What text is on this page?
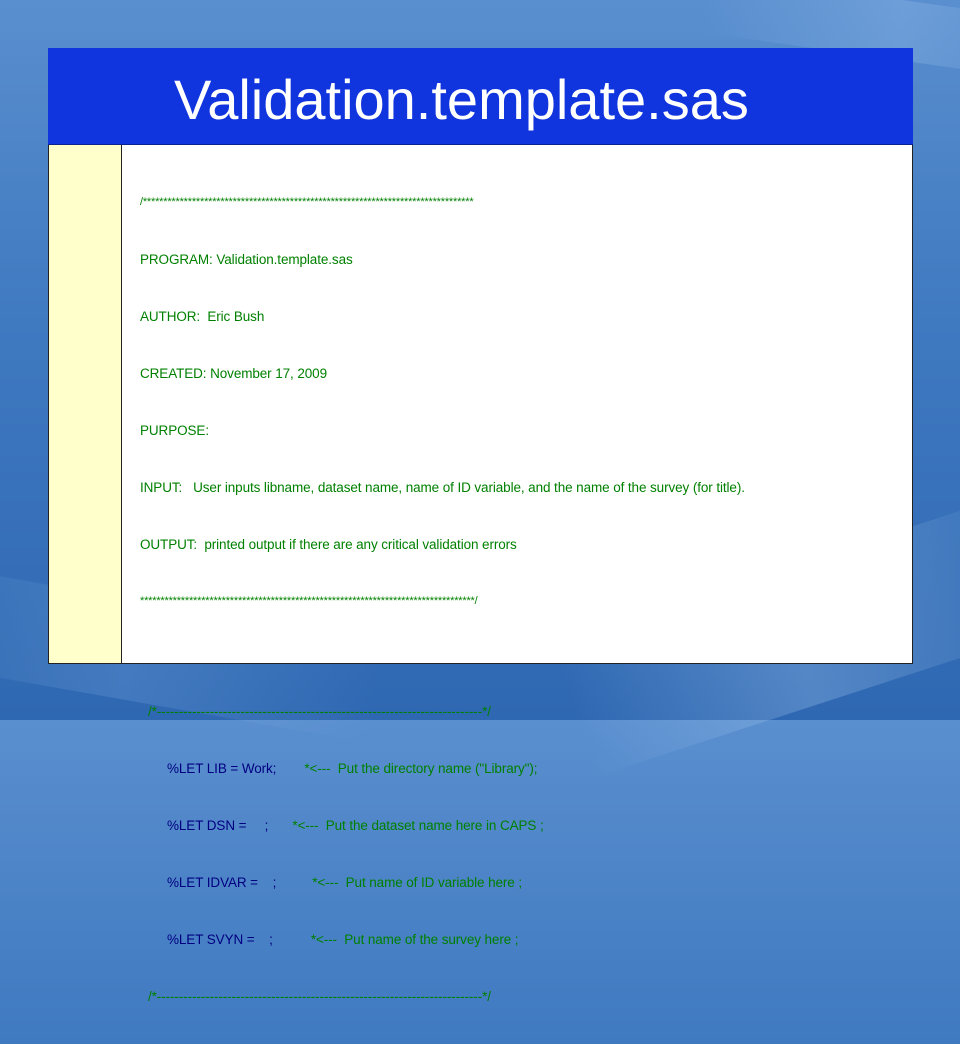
Validation.template.sas

/*********************************************************************************

PROGRAM: Validation.template.sas

AUTHOR:  Eric Bush

CREATED: November 17, 2009

PURPOSE:

INPUT:   User inputs libname, dataset name, name of ID variable, and the name of the survey (for title).

OUTPUT:  printed output if there are any critical validation errors

**********************************************************************************/

/*--------------------------------------------------------------------------*/

%LET LIB = Work; *<---  Put the directory name ("Library");

%LET DSN =     ; *<---  Put the dataset name here in CAPS ;

%LET IDVAR =    ;	*<---  Put name of ID variable here ;

%LET SVYN =    ;	*<---  Put name of the survey here ;

/*--------------------------------------------------------------------------*/
